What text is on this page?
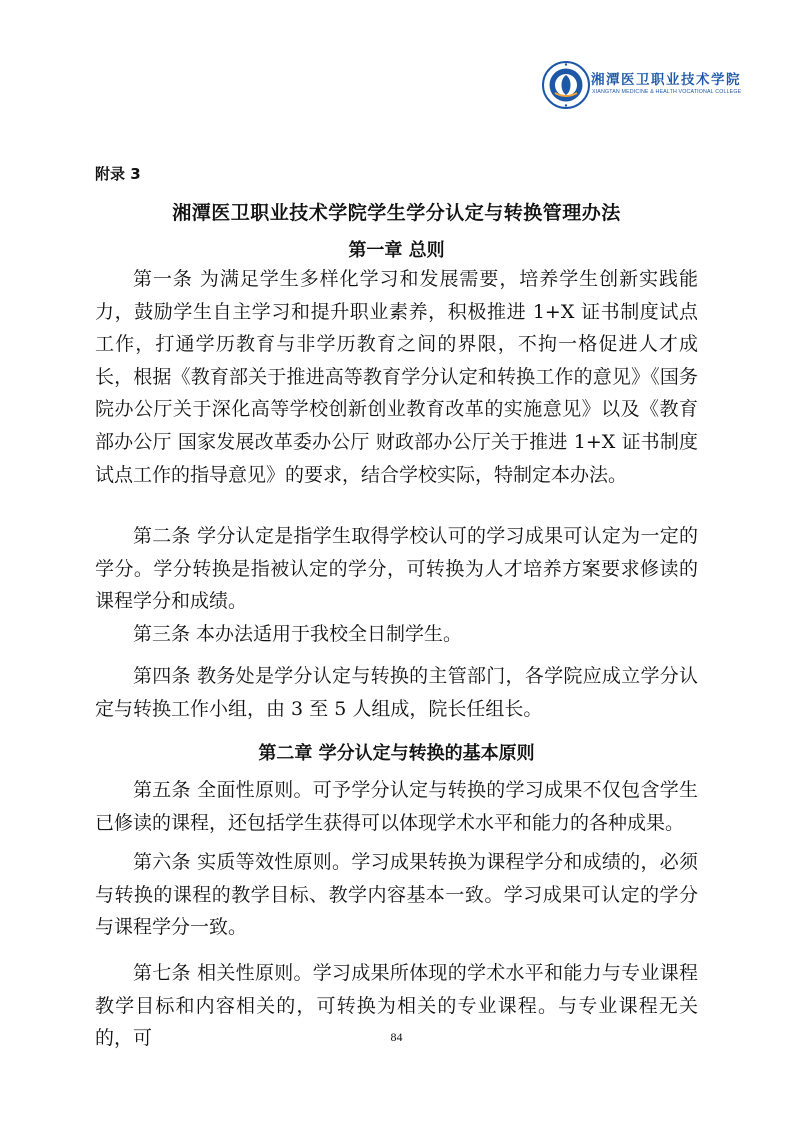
湘潭医卫职业技术学院
XIANGTAN MEDICINE & HEALTH VOCATIONAL COLLEGE
附录 3
湘潭医卫职业技术学院学生学分认定与转换管理办法
第一章 总则

第一条 为满足学生多样化学习和发展需要，培养学生创新实践能力，鼓励学生自主学习和提升职业素养，积极推进 1+X 证书制度试点工作，打通学历教育与非学历教育之间的界限，不拘一格促进人才成长，根据《教育部关于推进高等教育学分认定和转换工作的意见》《国务院办公厅关于深化高等学校创新创业教育改革的实施意见》以及《教育部办公厅 国家发展改革委办公厅 财政部办公厅关于推进 1+X 证书制度试点工作的指导意见》的要求，结合学校实际，特制定本办法。

第二条 学分认定是指学生取得学校认可的学习成果可认定为一定的学分。学分转换是指被认定的学分，可转换为人才培养方案要求修读的课程学分和成绩。

第三条 本办法适用于我校全日制学生。

第四条 教务处是学分认定与转换的主管部门，各学院应成立学分认定与转换工作小组，由 3 至 5 人组成，院长任组长。

第二章 学分认定与转换的基本原则

第五条 全面性原则。可予学分认定与转换的学习成果不仅包含学生已修读的课程，还包括学生获得可以体现学术水平和能力的各种成果。

第六条 实质等效性原则。学习成果转换为课程学分和成绩的，必须与转换的课程的教学目标、教学内容基本一致。学习成果可认定的学分与课程学分一致。

第七条 相关性原则。学习成果所体现的学术水平和能力与专业课程教学目标和内容相关的，可转换为相关的专业课程。与专业课程无关的，可	84
